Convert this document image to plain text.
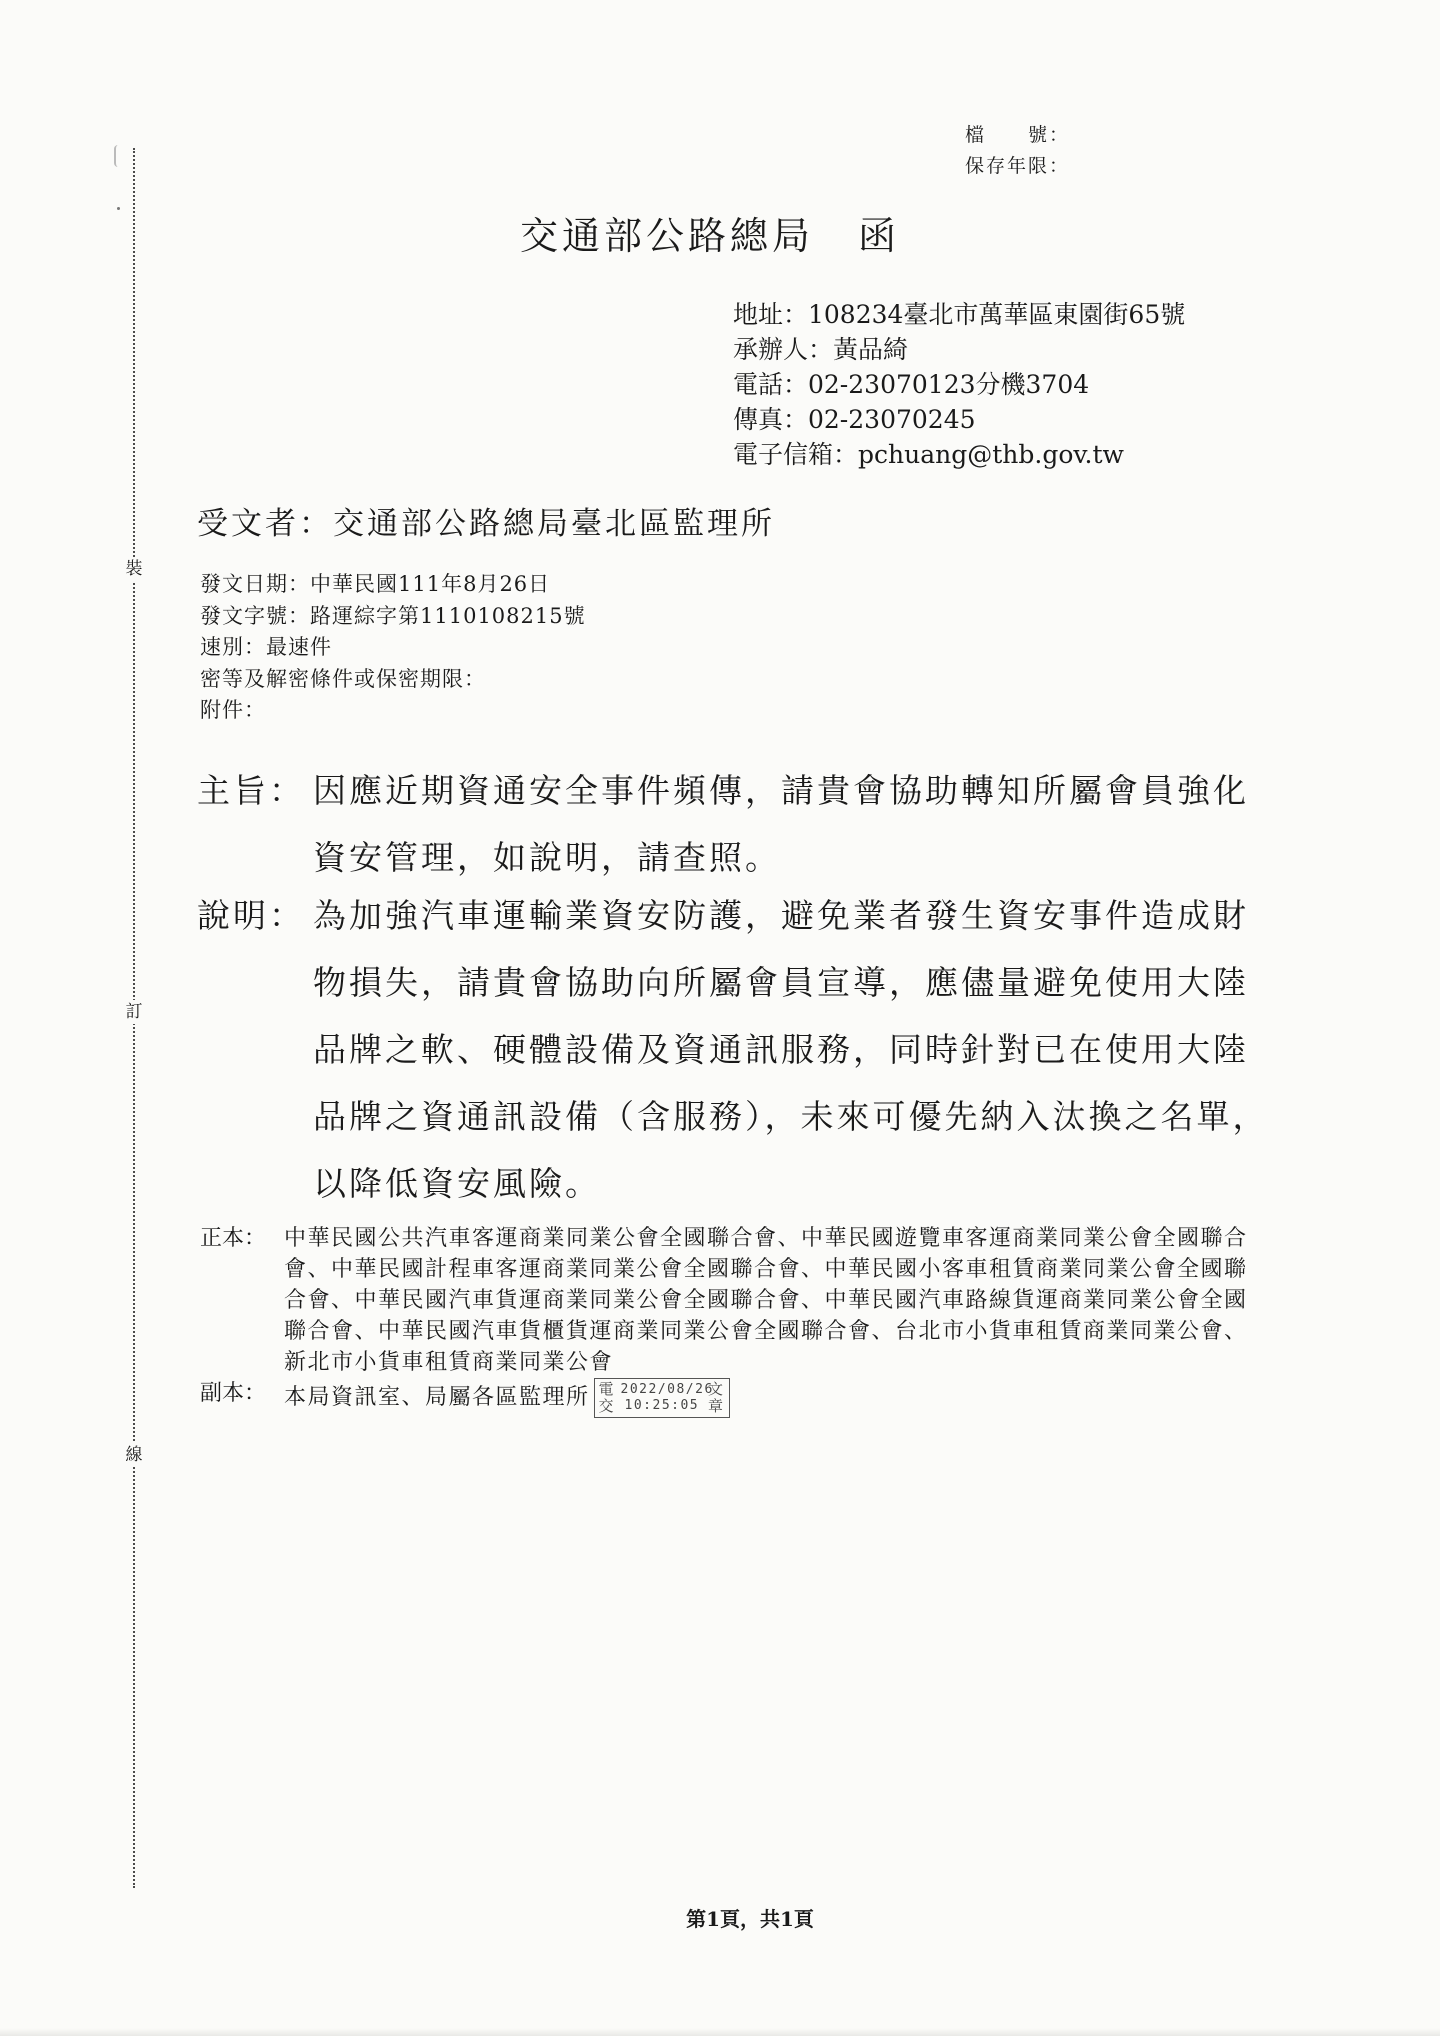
裝
訂
線
檔　　號：
保存年限：
交通部公路總局 函
地址：108234臺北市萬華區東園街65號
承辦人：黃品綺
電話：02-23070123分機3704
傳真：02-23070245
電子信箱：pchuang@thb.gov.tw
受文者：交通部公路總局臺北區監理所
發文日期：中華民國111年8月26日
發文字號：路運綜字第1110108215號
速別：最速件
密等及解密條件或保密期限：
附件：
主旨： 因應近期資通安全事件頻傳，請貴會協助轉知所屬會員強化資安管理，如說明，請查照。
說明： 為加強汽車運輸業資安防護，避免業者發生資安事件造成財物損失，請貴會協助向所屬會員宣導，應儘量避免使用大陸品牌之軟、硬體設備及資通訊服務，同時針對已在使用大陸品牌之資通訊設備（含服務），未來可優先納入汰換之名單，以降低資安風險。
正本： 中華民國公共汽車客運商業同業公會全國聯合會、中華民國遊覽車客運商業同業公會全國聯合會、中華民國計程車客運商業同業公會全國聯合會、中華民國小客車租賃商業同業公會全國聯合會、中華民國汽車貨運商業同業公會全國聯合會、中華民國汽車路線貨運商業同業公會全國聯合會、中華民國汽車貨櫃貨運商業同業公會全國聯合會、台北市小貨車租賃商業同業公會、新北市小貨車租賃商業同業公會
副本： 本局資訊室、局屬各區監理所 電
交
2022/08/26
10:25:05
文
章
第1頁，共1頁
